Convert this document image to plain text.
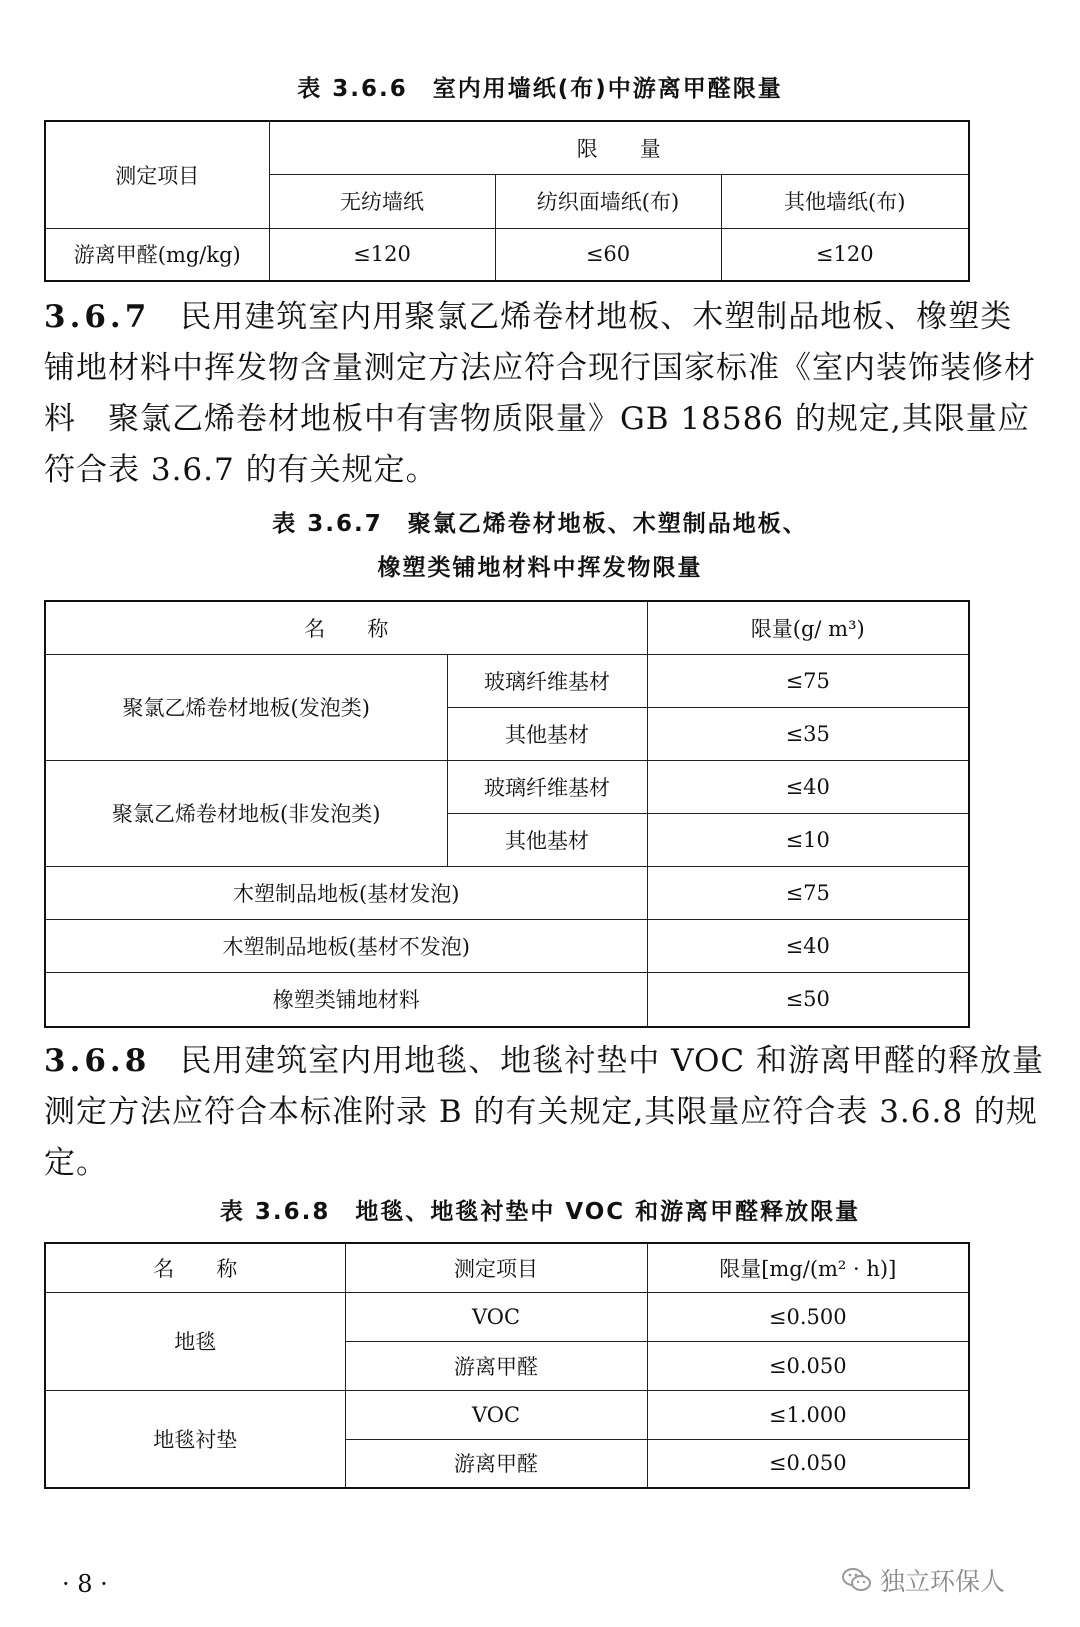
表 3.6.6　室内用墙纸(布)中游离甲醛限量
测定项目	限　　量		
	无纺墙纸	纺织面墙纸(布)	其他墙纸(布)
游离甲醛(mg/kg)	≤120	≤60	≤120
3.6.7 民用建筑室内用聚氯乙烯卷材地板、木塑制品地板、橡塑类铺地材料中挥发物含量测定方法应符合现行国家标准《室内装饰装修材料　聚氯乙烯卷材地板中有害物质限量》GB 18586 的规定,其限量应符合表 3.6.7 的有关规定。
表 3.6.7　聚氯乙烯卷材地板、木塑制品地板、
橡塑类铺地材料中挥发物限量
名　　称		限量(g/ m³)
聚氯乙烯卷材地板(发泡类)	玻璃纤维基材	≤75
	其他基材	≤35
聚氯乙烯卷材地板(非发泡类)	玻璃纤维基材	≤40
	其他基材	≤10
木塑制品地板(基材发泡)		≤75
木塑制品地板(基材不发泡)		≤40
橡塑类铺地材料		≤50
3.6.8 民用建筑室内用地毯、地毯衬垫中 VOC 和游离甲醛的释放量测定方法应符合本标准附录 B 的有关规定,其限量应符合表 3.6.8 的规定。
表 3.6.8　地毯、地毯衬垫中 VOC 和游离甲醛释放限量
名　　称	测定项目	限量[mg/(m² · h)]
地毯	VOC	≤0.500
	游离甲醛	≤0.050
地毯衬垫	VOC	≤1.000
	游离甲醛	≤0.050
· 8 ·	独立环保人
